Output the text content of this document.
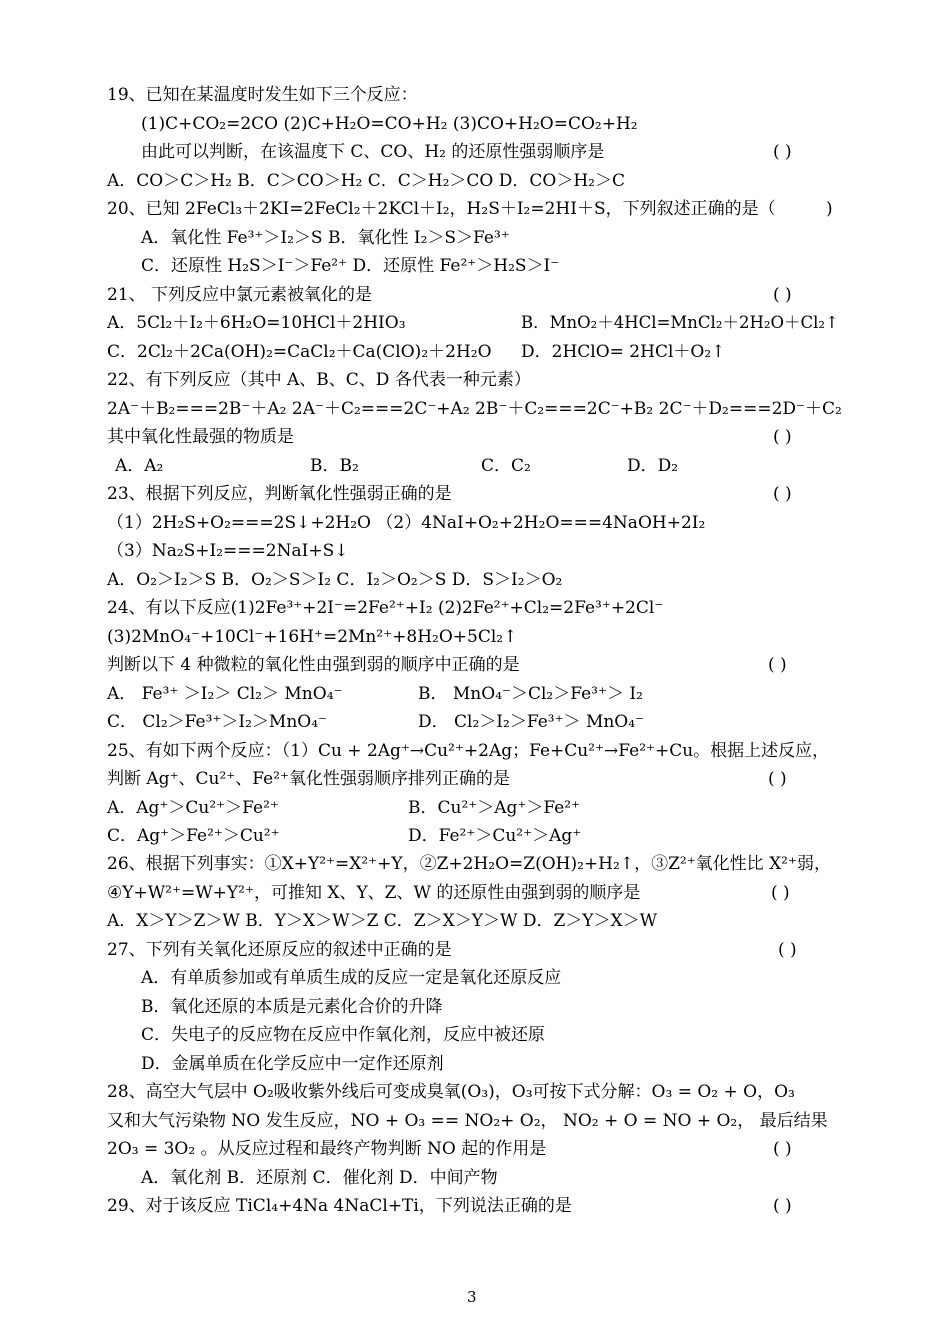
19、已知在某温度时发生如下三个反应：
(1)C+CO₂=2CO (2)C+H₂O=CO+H₂ (3)CO+H₂O=CO₂+H₂
由此可以判断，在该温度下 C、CO、H₂ 的还原性强弱顺序是	( )
A．CO＞C＞H₂ B．C＞CO＞H₂ C．C＞H₂＞CO D．CO＞H₂＞C
20、已知 2FeCl₃＋2KI=2FeCl₂＋2KCl＋I₂，H₂S＋I₂=2HI＋S，下列叙述正确的是（	)
A．氧化性 Fe³⁺＞I₂＞S B．氧化性 I₂＞S＞Fe³⁺
C．还原性 H₂S＞I⁻＞Fe²⁺ D．还原性 Fe²⁺＞H₂S＞I⁻
21、 下列反应中氯元素被氧化的是	( )
A．5Cl₂＋I₂＋6H₂O=10HCl＋2HIO₃	B．MnO₂＋4HCl=MnCl₂＋2H₂O＋Cl₂↑
C．2Cl₂＋2Ca(OH)₂=CaCl₂＋Ca(ClO)₂＋2H₂O D．2HClO= 2HCl＋O₂↑
22、有下列反应（其中 A、B、C、D 各代表一种元素）
2A⁻＋B₂===2B⁻＋A₂ 2A⁻＋C₂===2C⁻+A₂ 2B⁻＋C₂===2C⁻+B₂ 2C⁻＋D₂===2D⁻＋C₂
其中氧化性最强的物质是	( )
A．A₂	B．B₂	C．C₂	D．D₂
23、根据下列反应，判断氧化性强弱正确的是	( )
（1）2H₂S+O₂===2S↓+2H₂O （2）4NaI+O₂+2H₂O===4NaOH+2I₂
（3）Na₂S+I₂===2NaI+S↓
A．O₂＞I₂＞S B．O₂＞S＞I₂ C．I₂＞O₂＞S D．S＞I₂＞O₂
24、有以下反应(1)2Fe³⁺+2I⁻=2Fe²⁺+I₂ (2)2Fe²⁺+Cl₂=2Fe³⁺+2Cl⁻
(3)2MnO₄⁻+10Cl⁻+16H⁺=2Mn²⁺+8H₂O+5Cl₂↑
判断以下 4 种微粒的氧化性由强到弱的顺序中正确的是	( )
A． Fe³⁺ ＞I₂＞ Cl₂＞ MnO₄⁻	B． MnO₄⁻＞Cl₂＞Fe³⁺＞ I₂
C． Cl₂＞Fe³⁺＞I₂＞MnO₄⁻	D． Cl₂＞I₂＞Fe³⁺＞ MnO₄⁻
25、有如下两个反应：（1）Cu + 2Ag⁺→Cu²⁺+2Ag；Fe+Cu²⁺→Fe²⁺+Cu。根据上述反应，
判断 Ag⁺、Cu²⁺、Fe²⁺氧化性强弱顺序排列正确的是	( )
A．Ag⁺＞Cu²⁺＞Fe²⁺	B．Cu²⁺＞Ag⁺＞Fe²⁺
C．Ag⁺＞Fe²⁺＞Cu²⁺	D．Fe²⁺＞Cu²⁺＞Ag⁺
26、根据下列事实：①X+Y²⁺=X²⁺+Y，②Z+2H₂O=Z(OH)₂+H₂↑，③Z²⁺氧化性比 X²⁺弱，
④Y+W²⁺=W+Y²⁺，可推知 X、Y、Z、W 的还原性由强到弱的顺序是	( )
A．X＞Y＞Z＞W B．Y＞X＞W＞Z C．Z＞X＞Y＞W D．Z＞Y＞X＞W
27、下列有关氧化还原反应的叙述中正确的是	( )
A．有单质参加或有单质生成的反应一定是氧化还原反应
B．氧化还原的本质是元素化合价的升降
C．失电子的反应物在反应中作氧化剂，反应中被还原
D．金属单质在化学反应中一定作还原剂
28、高空大气层中 O₂吸收紫外线后可变成臭氧(O₃)，O₃可按下式分解：O₃ = O₂ + O，O₃
又和大气污染物 NO 发生反应，NO + O₃ == NO₂+ O₂， NO₂ + O = NO + O₂， 最后结果
2O₃ = 3O₂ 。从反应过程和最终产物判断 NO 起的作用是	( )
A．氧化剂 B．还原剂 C．催化剂 D．中间产物
29、对于该反应 TiCl₄+4Na 4NaCl+Ti，下列说法正确的是	( )
3
